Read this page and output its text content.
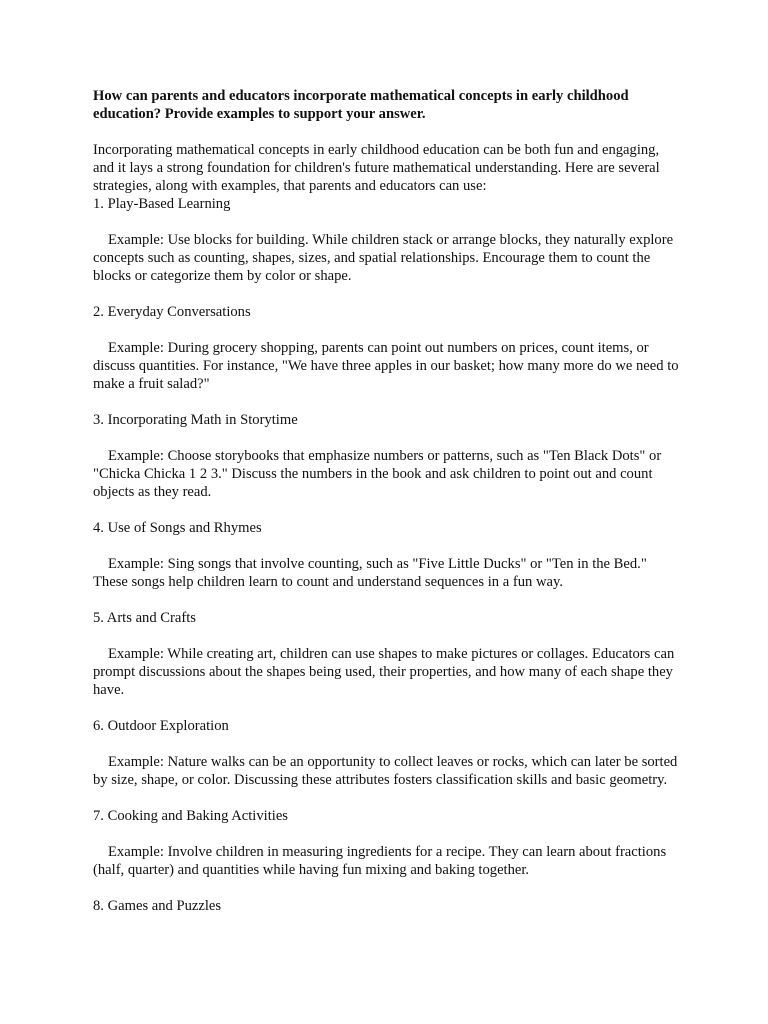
How can parents and educators incorporate mathematical concepts in early childhood education? Provide examples to support your answer.

Incorporating mathematical concepts in early childhood education can be both fun and engaging, and it lays a strong foundation for children's future mathematical understanding. Here are several strategies, along with examples, that parents and educators can use:

1. Play-Based Learning

Example: Use blocks for building. While children stack or arrange blocks, they naturally explore concepts such as counting, shapes, sizes, and spatial relationships. Encourage them to count the blocks or categorize them by color or shape.

2. Everyday Conversations

Example: During grocery shopping, parents can point out numbers on prices, count items, or discuss quantities. For instance, "We have three apples in our basket; how many more do we need to make a fruit salad?"

3. Incorporating Math in Storytime

Example: Choose storybooks that emphasize numbers or patterns, such as "Ten Black Dots" or "Chicka Chicka 1 2 3." Discuss the numbers in the book and ask children to point out and count objects as they read.

4. Use of Songs and Rhymes

Example: Sing songs that involve counting, such as "Five Little Ducks" or "Ten in the Bed." These songs help children learn to count and understand sequences in a fun way.

5. Arts and Crafts

Example: While creating art, children can use shapes to make pictures or collages. Educators can prompt discussions about the shapes being used, their properties, and how many of each shape they have.

6. Outdoor Exploration

Example: Nature walks can be an opportunity to collect leaves or rocks, which can later be sorted by size, shape, or color. Discussing these attributes fosters classification skills and basic geometry.

7. Cooking and Baking Activities

Example: Involve children in measuring ingredients for a recipe. They can learn about fractions (half, quarter) and quantities while having fun mixing and baking together.

8. Games and Puzzles
